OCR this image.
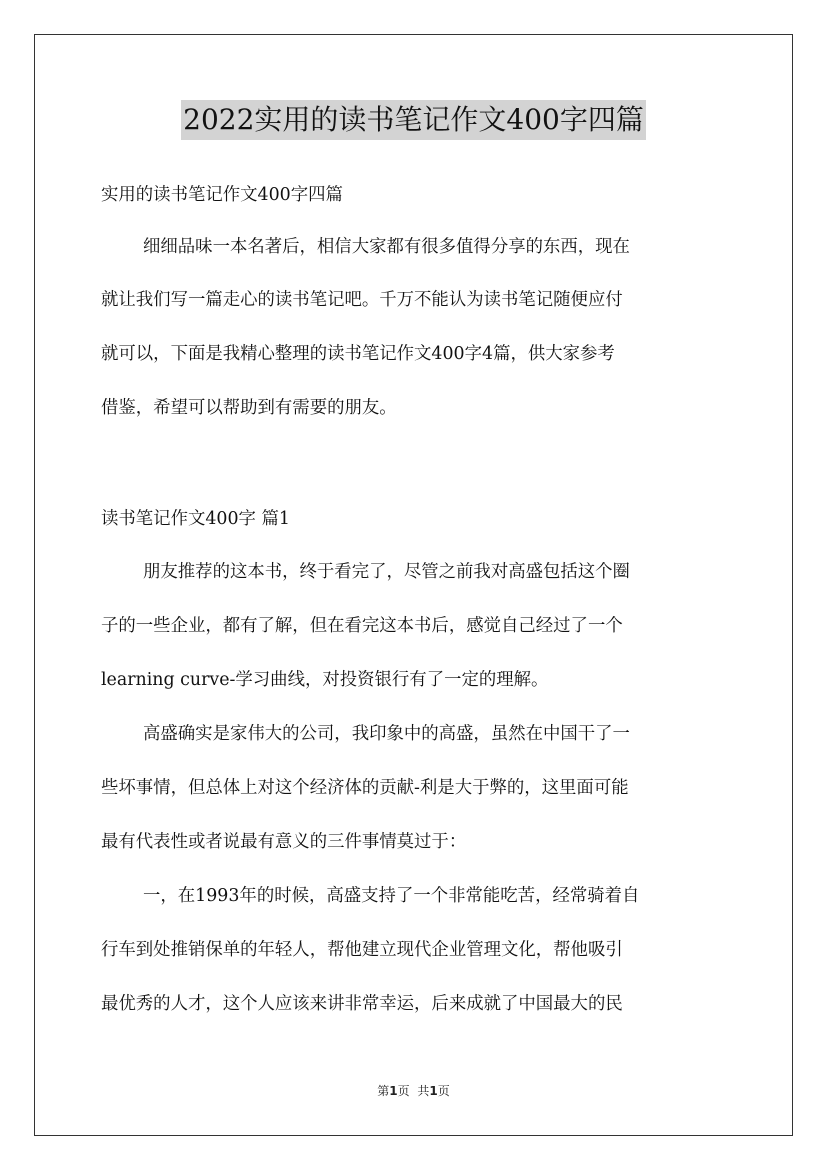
2022实用的读书笔记作文400字四篇
实用的读书笔记作文400字四篇
细细品味一本名著后，相信大家都有很多值得分享的东西，现在
就让我们写一篇走心的读书笔记吧。千万不能认为读书笔记随便应付
就可以，下面是我精心整理的读书笔记作文400字4篇，供大家参考
借鉴，希望可以帮助到有需要的朋友。
读书笔记作文400字 篇1
朋友推荐的这本书，终于看完了，尽管之前我对高盛包括这个圈
子的一些企业，都有了解，但在看完这本书后，感觉自己经过了一个
learning curve-学习曲线，对投资银行有了一定的理解。
高盛确实是家伟大的公司，我印象中的高盛，虽然在中国干了一
些坏事情，但总体上对这个经济体的贡献-利是大于弊的，这里面可能
最有代表性或者说最有意义的三件事情莫过于：
一，在1993年的时候，高盛支持了一个非常能吃苦，经常骑着自
行车到处推销保单的年轻人，帮他建立现代企业管理文化，帮他吸引
最优秀的人才，这个人应该来讲非常幸运，后来成就了中国最大的民
第1页 共1页
